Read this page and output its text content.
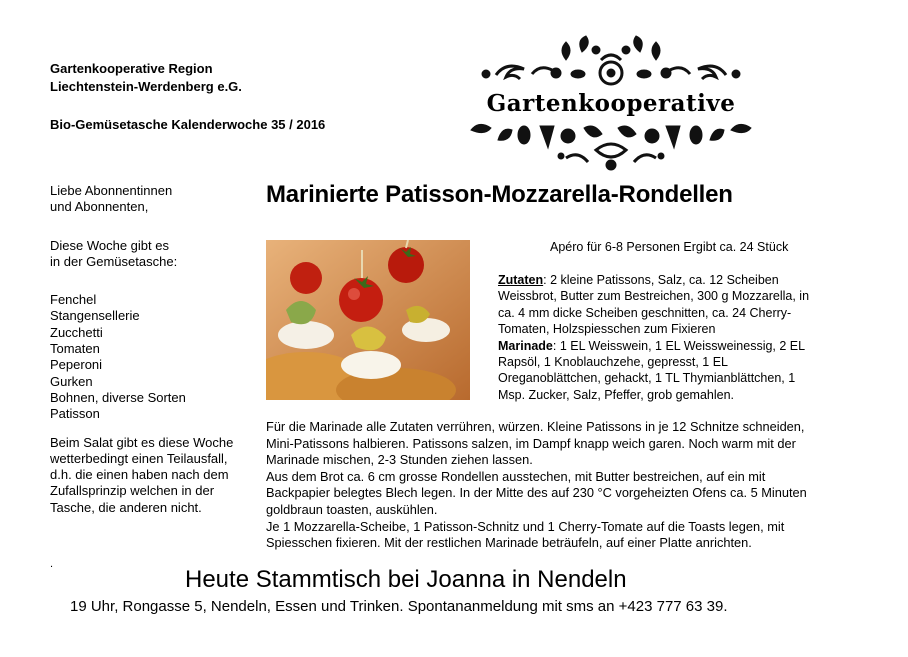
Gartenkooperative Region
Liechtenstein-Werdenberg e.G.
Bio-Gemüsetasche Kalenderwoche 35 / 2016
Gartenkooperative

Liebe Abonnentinnen

und Abonnenten,

Diese Woche gibt es

in der Gemüsetasche:

Fenchel

Stangensellerie

Zucchetti

Tomaten

Peperoni

Gurken

Bohnen, diverse Sorten

Patisson

Beim Salat gibt es diese Woche

wetterbedingt einen Teilausfall,

d.h. die einen haben nach dem

Zufallsprinzip welchen in der

Tasche, die anderen nicht.

Marinierte Patisson-Mozzarella-Rondellen
Apéro für 6-8 Personen Ergibt ca. 24 Stück

Zutaten: 2 kleine Patissons, Salz, ca. 12 Scheiben

Weissbrot, Butter zum Bestreichen, 300 g Mozzarella, in

ca. 4 mm dicke Scheiben geschnitten, ca. 24 Cherry-

Tomaten, Holzspiesschen zum Fixieren

Marinade: 1 EL Weisswein, 1 EL Weissweinessig, 2 EL

Rapsöl, 1 Knoblauchzehe, gepresst, 1 EL

Oreganoblättchen, gehackt, 1 TL Thymianblättchen, 1

Msp. Zucker, Salz, Pfeffer, grob gemahlen.

Für die Marinade alle Zutaten verrühren, würzen. Kleine Patissons in je 12 Schnitze schneiden,

Mini-Patissons halbieren. Patissons salzen, im Dampf knapp weich garen. Noch warm mit der

Marinade mischen, 2-3 Stunden ziehen lassen.

Aus dem Brot ca. 6 cm grosse Rondellen ausstechen, mit Butter bestreichen, auf ein mit

Backpapier belegtes Blech legen. In der Mitte des auf 230 °C vorgeheizten Ofens ca. 5 Minuten

goldbraun toasten, auskühlen.

Je 1 Mozzarella-Scheibe, 1 Patisson-Schnitz und 1 Cherry-Tomate auf die Toasts legen, mit

Spiesschen fixieren. Mit der restlichen Marinade beträufeln, auf einer Platte anrichten.

.
Heute Stammtisch bei Joanna in Nendeln
19 Uhr, Rongasse 5, Nendeln, Essen und Trinken. Spontananmeldung mit sms an +423 777 63 39.
